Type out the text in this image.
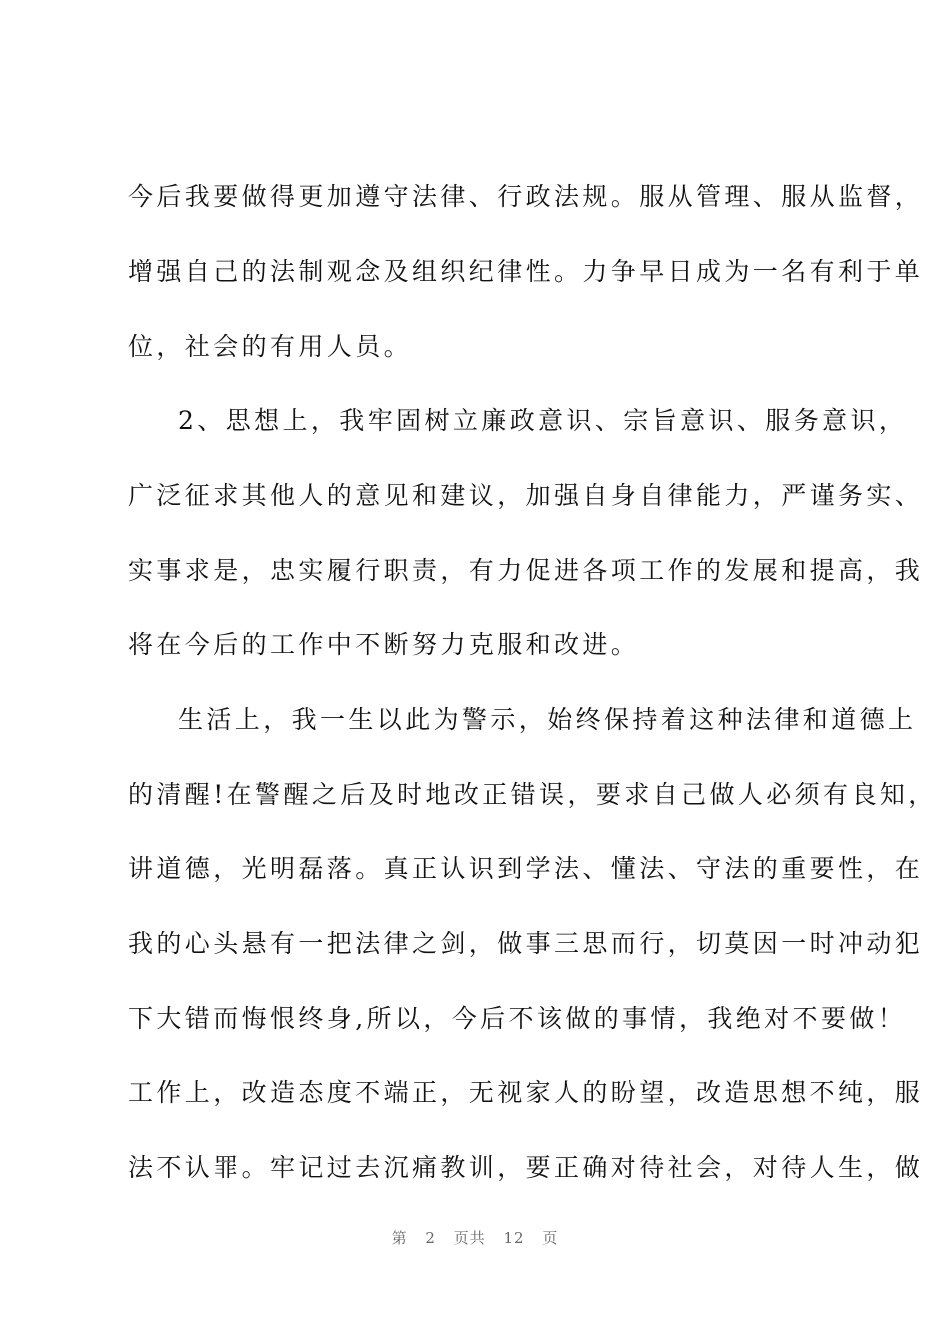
今后我要做得更加遵守法律、行政法规。服从管理、服从监督，
增强自己的法制观念及组织纪律性。力争早日成为一名有利于单
位，社会的有用人员。
2、思想上，我牢固树立廉政意识、宗旨意识、服务意识，
广泛征求其他人的意见和建议，加强自身自律能力，严谨务实、
实事求是，忠实履行职责，有力促进各项工作的发展和提高，我
将在今后的工作中不断努力克服和改进。
生活上，我一生以此为警示，始终保持着这种法律和道德上
的清醒!在警醒之后及时地改正错误，要求自己做人必须有良知，
讲道德，光明磊落。真正认识到学法、懂法、守法的重要性，在
我的心头悬有一把法律之剑，做事三思而行，切莫因一时冲动犯
下大错而悔恨终身,所以，今后不该做的事情，我绝对不要做！
工作上，改造态度不端正，无视家人的盼望，改造思想不纯，服
法不认罪。牢记过去沉痛教训，要正确对待社会，对待人生，做
第 2 页共 12 页
